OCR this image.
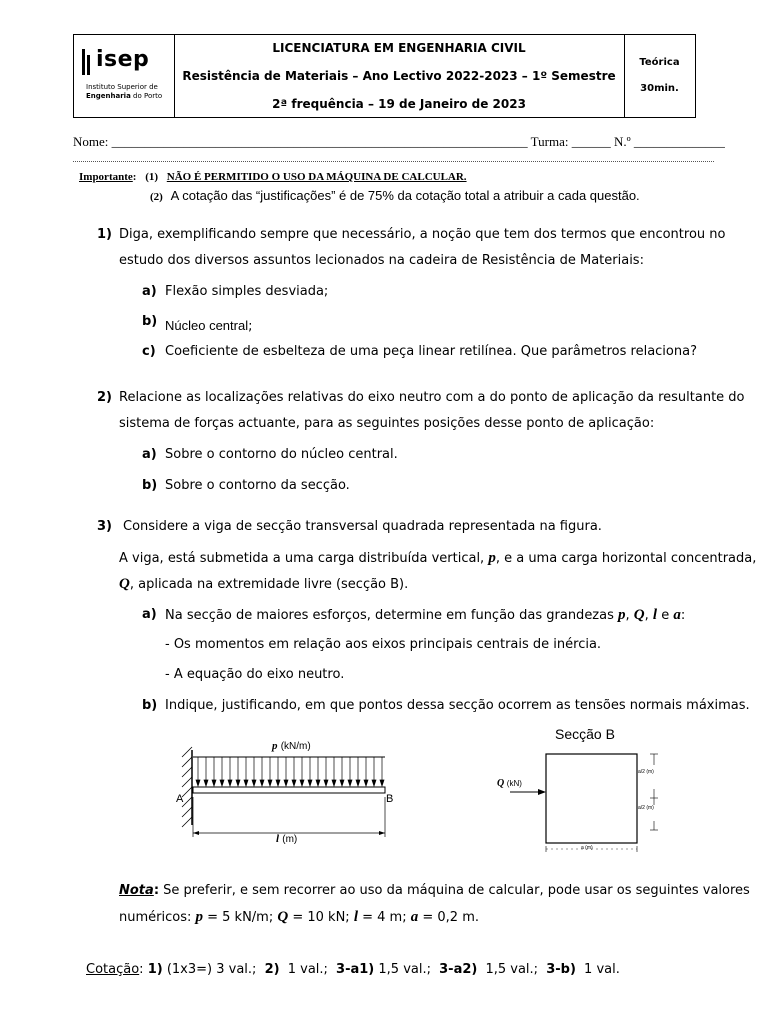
isep
Instituto Superior de
Engenharia do Porto
LICENCIATURA EM ENGENHARIA CIVIL
Resistência de Materiais – Ano Lectivo 2022-2023 – 1º Semestre
2ª frequência – 19 de Janeiro de 2023
Teórica
30min.
Nome: ________________________________________________________________ Turma: ______ N.º ______________
Importante: (1) NÃO É PERMITIDO O USO DA MÁQUINA DE CALCULAR.
(2) A cotação das “justificações” é de 75% da cotação total a atribuir a cada questão.
1) Diga, exemplificando sempre que necessário, a noção que tem dos termos que encontrou no
estudo dos diversos assuntos lecionados na cadeira de Resistência de Materiais:
a) Flexão simples desviada;
b) Núcleo central;
c) Coeficiente de esbelteza de uma peça linear retilínea. Que parâmetros relaciona?
2) Relacione as localizações relativas do eixo neutro com a do ponto de aplicação da resultante do
sistema de forças actuante, para as seguintes posições desse ponto de aplicação:
a) Sobre o contorno do núcleo central.
b) Sobre o contorno da secção.
3) Considere a viga de secção transversal quadrada representada na figura.
A viga, está submetida a uma carga distribuída vertical, p, e a uma carga horizontal concentrada,
Q, aplicada na extremidade livre (secção B).
a) Na secção de maiores esforços, determine em função das grandezas p, Q, l e a:
- Os momentos em relação aos eixos principais centrais de inércia.
- A equação do eixo neutro.
b) Indique, justificando, em que pontos dessa secção ocorrem as tensões normais máximas.
p (kN/m)
A	B
l (m)
Secção B
Q (kN)
a/2 (m)
a/2 (m)
a (m)
Nota: Se preferir, e sem recorrer ao uso da máquina de calcular, pode usar os seguintes valores
numéricos: p = 5 kN/m; Q = 10 kN; l = 4 m; a = 0,2 m.
Cotação: 1) (1x3=) 3 val.; 2) 1 val.; 3-a1) 1,5 val.; 3-a2) 1,5 val.; 3-b) 1 val.
